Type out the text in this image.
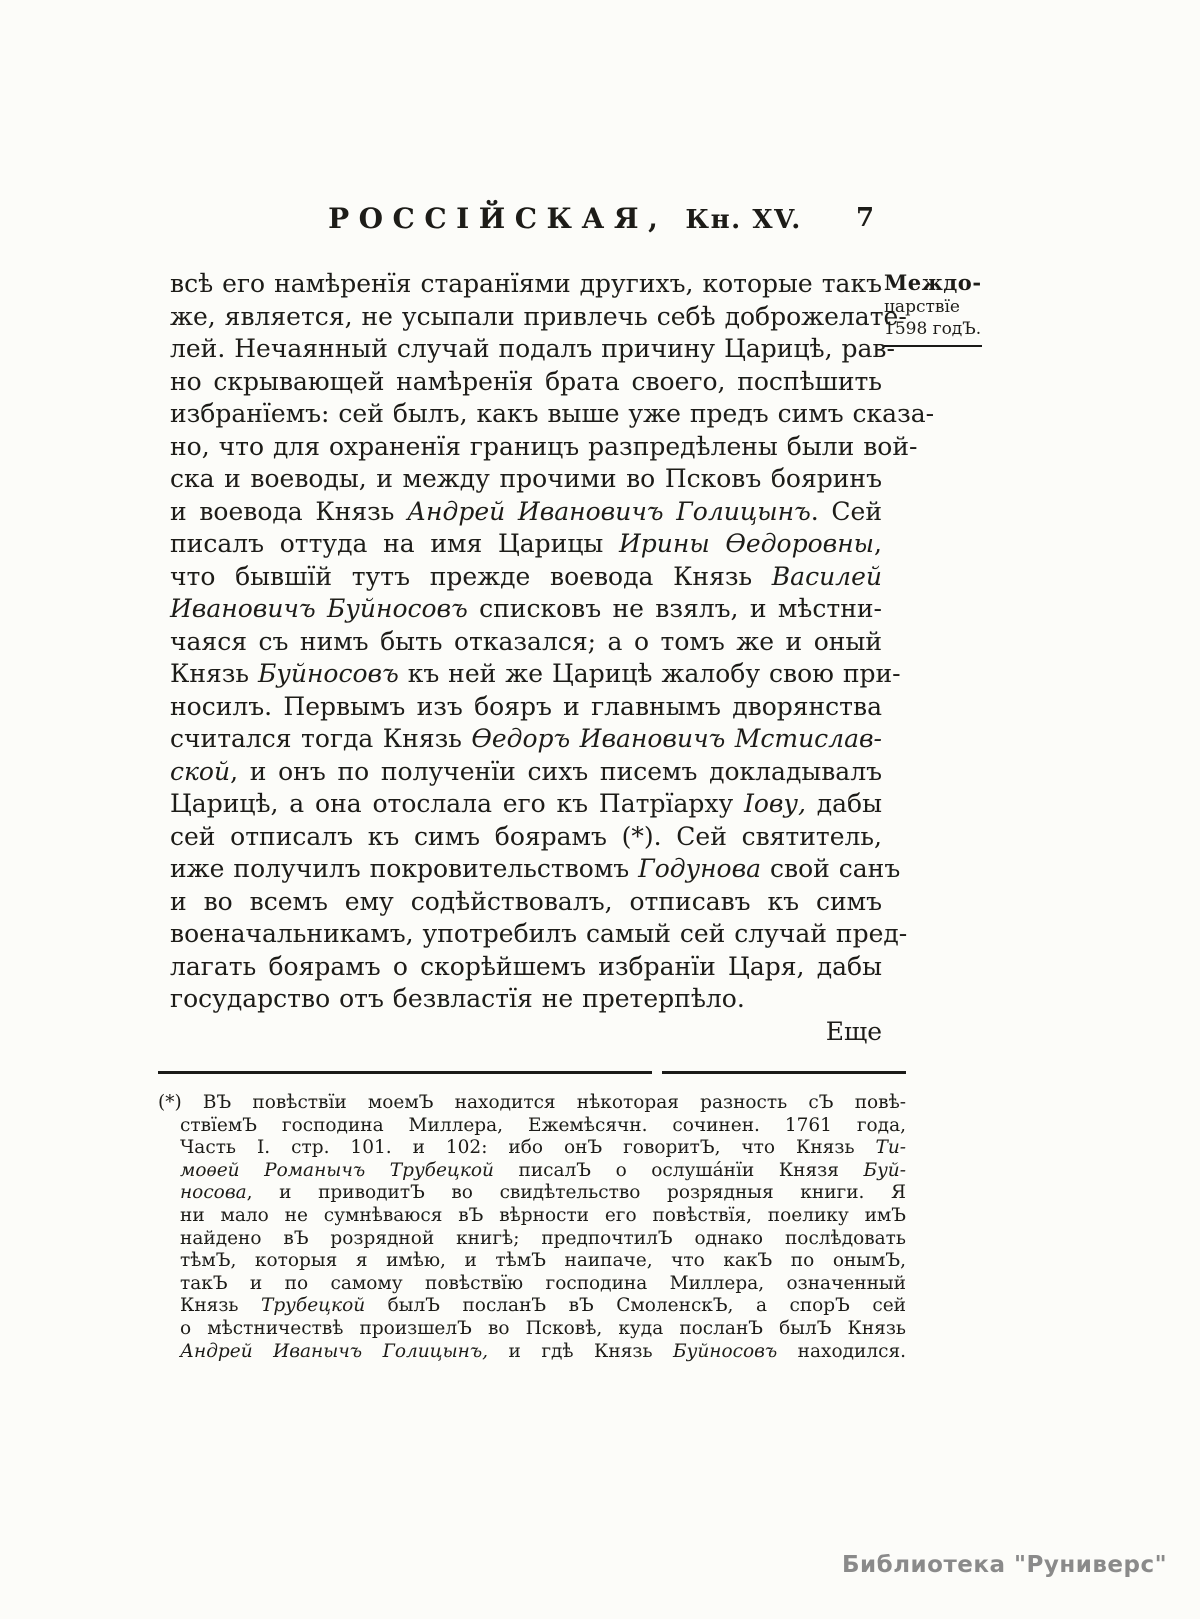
РОССІЙСКАЯ, Кн. XV.	7
Междо-
царствїе
1598 годЪ.
всѣ его намѣренїя старанїями другихъ, которые такъ
же, является, не усыпали привлечь себѣ доброжелате-
лей. Нечаянный случай подалъ причину Царицѣ, рав-
но скрывающей намѣренїя брата своего, поспѣшить
избранїемъ: сей былъ, какъ выше уже предъ симъ сказа-
но, что для охраненїя границъ разпредѣлены были вой-
ска и воеводы, и между прочими во Псковъ бояринъ
и воевода Князь Андрей Ивановичъ Голицынъ. Сей
писалъ оттуда на имя Царицы Ирины Ѳедоровны,
что бывшїй тутъ прежде воевода Князь Василей
Ивановичъ Буйносовъ списковъ не взялъ, и мѣстни-
чаяся съ нимъ быть отказался; а о томъ же и оный
Князь Буйносовъ къ ней же Царицѣ жалобу свою при-
носилъ. Первымъ изъ бояръ и главнымъ дворянства
считался тогда Князь Ѳедоръ Ивановичъ Мстислав-
ской, и онъ по полученїи сихъ писемъ докладывалъ
Царицѣ, а она отослала его къ Патрїарху Іову, дабы
сей отписалъ къ симъ боярамъ (*). Сей святитель,
иже получилъ покровительствомъ Годунова свой санъ
и во всемъ ему содѣйствовалъ, отписавъ къ симъ
военачальникамъ, употребилъ самый сей случай пред-
лагать боярамъ о скорѣйшемъ избранїи Царя, дабы
государство отъ безвластїя не претерпѣло.
Еще
(*) ВЪ повѣствїи моемЪ находится нѣкоторая разность сЪ повѣ-
ствїемЪ господина Миллера, Ежемѣсячн. сочинен. 1761 года,
Часть I. стр. 101. и 102: ибо онЪ говоритЪ, что Князь Ти-
моѳей Романычъ Трубецкой писалЪ о ослуша́нїи Князя Буй-
носова, и приводитЪ во свидѣтельство розрядныя книги. Я
ни мало не сумнѣваюся вЪ вѣрности его повѣствїя, поелику имЪ
найдено вЪ розрядной книгѣ; предпочтилЪ однако послѣдовать
тѣмЪ, которыя я имѣю, и тѣмЪ наипаче, что какЪ по онымЪ,
такЪ и по самому повѣствїю господина Миллера, означенный
Князь Трубецкой былЪ посланЪ вЪ СмоленскЪ, а спорЪ сей
о мѣстничествѣ произшелЪ во Псковѣ, куда посланЪ былЪ Князь
Андрей Иванычъ Голицынъ, и гдѣ Князь Буйносовъ находился.
Библиотека "Руниверс"
